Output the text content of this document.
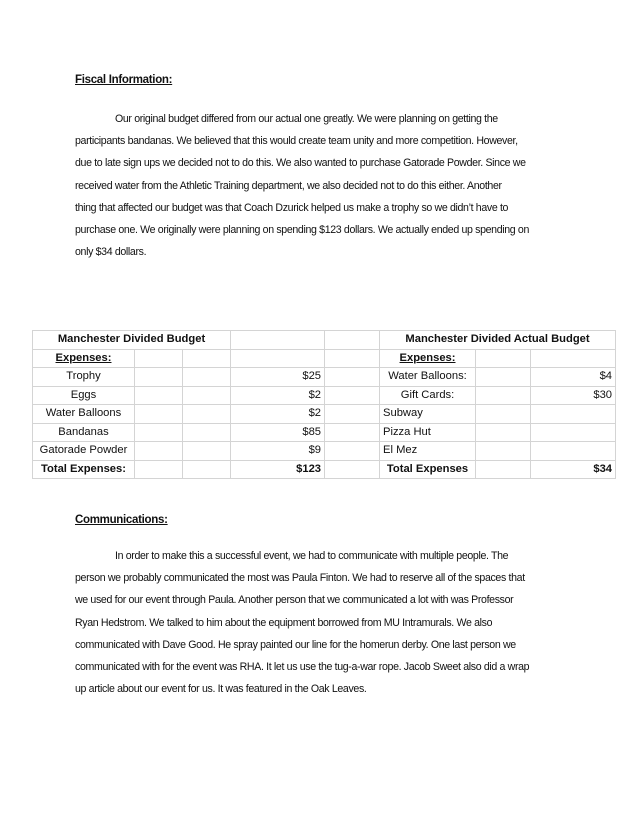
Fiscal Information:

Our original budget differed from our actual one greatly. We were planning on getting the
participants bandanas. We believed that this would create team unity and more competition. However,
due to late sign ups we decided not to do this. We also wanted to purchase Gatorade Powder. Since we
received water from the Athletic Training department, we also decided not to do this either. Another
thing that affected our budget was that Coach Dzurick helped us make a trophy so we didn’t have to
purchase one. We originally were planning on spending $123 dollars. We actually ended up spending on
only $34 dollars.

Manchester Divided Budget					Manchester Divided Actual Budget		
Expenses:					Expenses:		
Trophy			$25		Water Balloons:		$4
Eggs			$2		Gift Cards:		$30
Water Balloons			$2		Subway		
Bandanas			$85		Pizza Hut		
Gatorade Powder			$9		El Mez		
Total Expenses:			$123		Total Expenses		$34
Communications:

In order to make this a successful event, we had to communicate with multiple people. The
person we probably communicated the most was Paula Finton. We had to reserve all of the spaces that
we used for our event through Paula. Another person that we communicated a lot with was Professor
Ryan Hedstrom. We talked to him about the equipment borrowed from MU Intramurals. We also
communicated with Dave Good. He spray painted our line for the homerun derby. One last person we
communicated with for the event was RHA. It let us use the tug-a-war rope. Jacob Sweet also did a wrap
up article about our event for us. It was featured in the Oak Leaves.
